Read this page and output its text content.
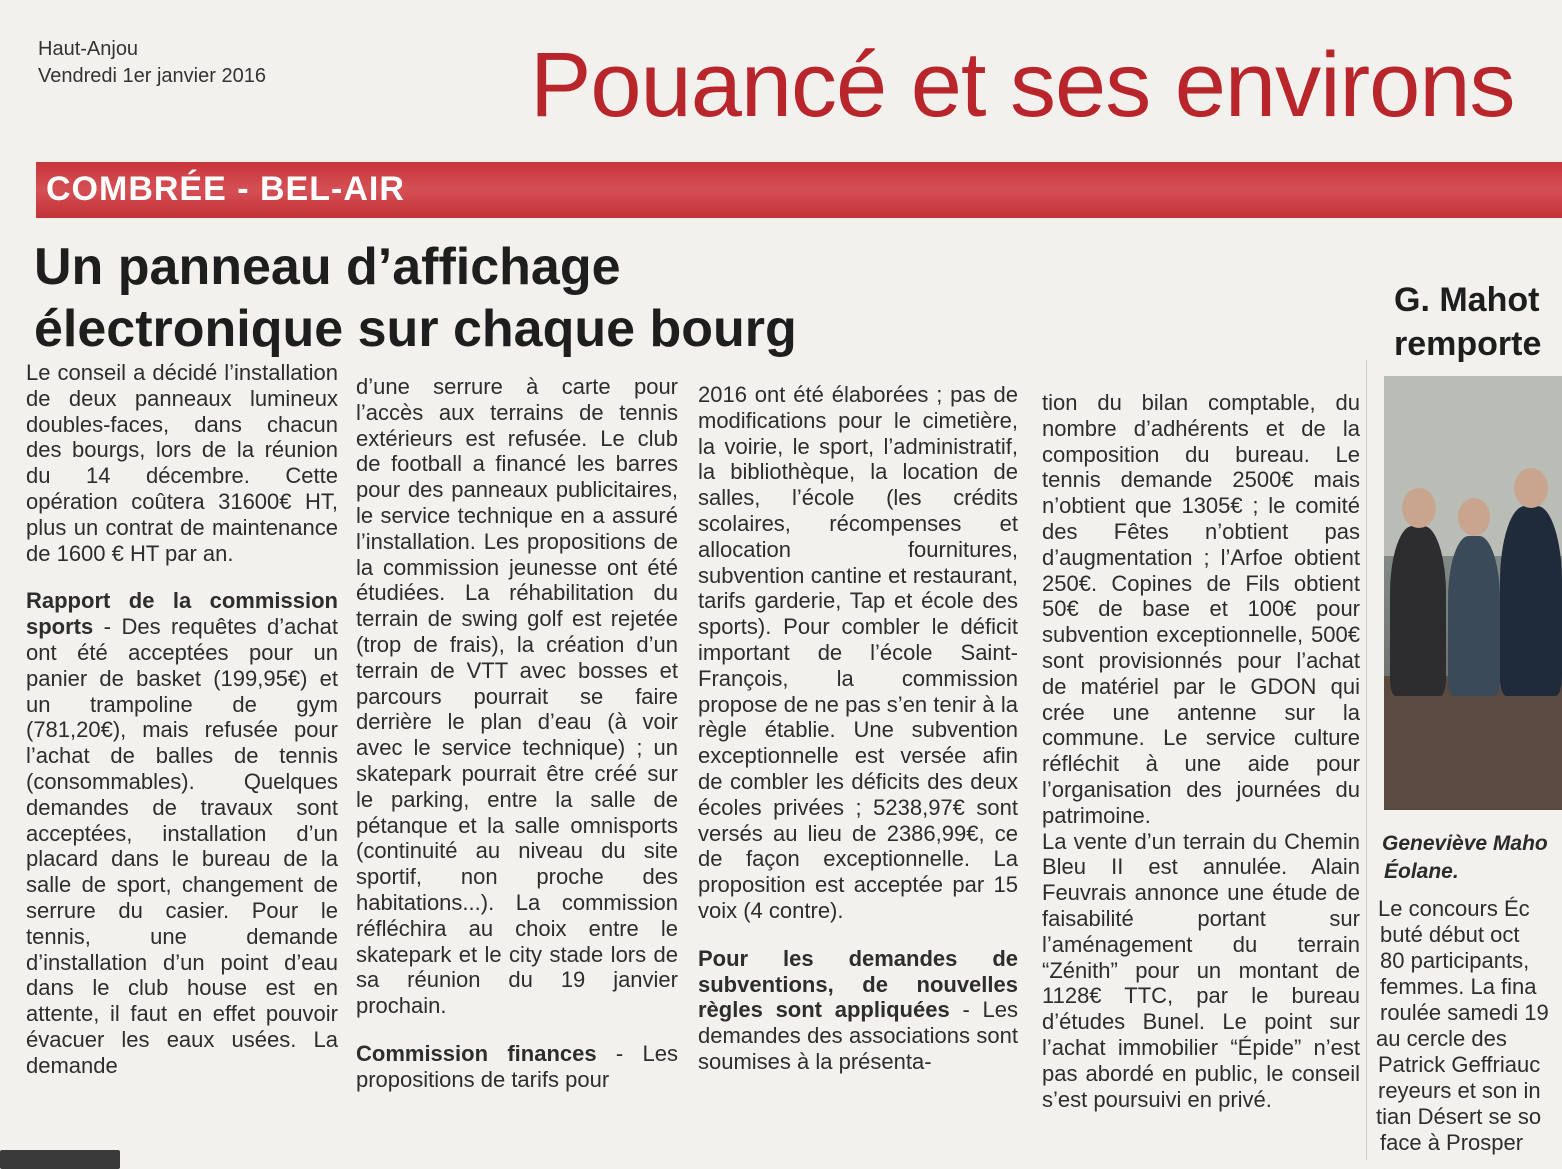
Haut-Anjou
Vendredi 1er janvier 2016	Pouancé et ses environs
COMBRÉE - BEL-AIR
Un panneau d’affichage
électronique sur chaque bourg

Le conseil a décidé l’installation de deux panneaux lumineux doubles-faces, dans chacun des bourgs, lors de la réunion du 14 décembre. Cette opération coûtera 31600€ HT, plus un contrat de maintenance de 1600 € HT par an.

Rapport de la commission sports - Des requêtes d’achat ont été acceptées pour un panier de basket (199,95€) et un trampoline de gym (781,20€), mais refusée pour l’achat de balles de tennis (consommables). Quelques demandes de travaux sont acceptées, installation d’un placard dans le bureau de la salle de sport, changement de serrure du casier. Pour le tennis, une demande d’installation d’un point d’eau dans le club house est en attente, il faut en effet pouvoir évacuer les eaux usées. La demande

d’une serrure à carte pour l’accès aux terrains de tennis extérieurs est refusée. Le club de football a financé les barres pour des panneaux publicitaires, le service technique en a assuré l’installation. Les propositions de la commission jeunesse ont été étudiées. La réhabilitation du terrain de swing golf est rejetée (trop de frais), la création d’un terrain de VTT avec bosses et parcours pourrait se faire derrière le plan d’eau (à voir avec le service technique) ; un skatepark pourrait être créé sur le parking, entre la salle de pétanque et la salle omnisports (continuité au niveau du site sportif, non proche des habitations...). La commission réfléchira au choix entre le skatepark et le city stade lors de sa réunion du 19 janvier prochain.

Commission finances - Les propositions de tarifs pour

2016 ont été élaborées ; pas de modifications pour le cimetière, la voirie, le sport, l’administratif, la bibliothèque, la location de salles, l’école (les crédits scolaires, récompenses et allocation fournitures, subvention cantine et restaurant, tarifs garderie, Tap et école des sports). Pour combler le déficit important de l’école Saint-François, la commission propose de ne pas s’en tenir à la règle établie. Une subvention exceptionnelle est versée afin de combler les déficits des deux écoles privées ; 5238,97€ sont versés au lieu de 2386,99€, ce de façon exceptionnelle. La proposition est acceptée par 15 voix (4 contre).

Pour les demandes de subventions, de nouvelles règles sont appliquées - Les demandes des associations sont soumises à la présenta-

tion du bilan comptable, du nombre d’adhérents et de la composition du bureau. Le tennis demande 2500€ mais n’obtient que 1305€ ; le comité des Fêtes n’obtient pas d’augmentation ; l’Arfoe obtient 250€. Copines de Fils obtient 50€ de base et 100€ pour subvention exceptionnelle, 500€ sont provisionnés pour l’achat de matériel par le GDON qui crée une antenne sur la commune. Le service culture réfléchit à une aide pour l’organisation des journées du patrimoine.

La vente d’un terrain du Chemin Bleu II est annulée. Alain Feuvrais annonce une étude de faisabilité portant sur l’aménagement du terrain “Zénith” pour un montant de 1128€ TTC, par le bureau d’études Bunel. Le point sur l’achat immobilier “Épide” n’est pas abordé en public, le conseil s’est poursuivi en privé.

G. Mahot
remporte
Geneviève Maho
Éolane.
Le concours Éc
buté début oct
80 participants,
femmes. La fina
roulée samedi 19
au cercle des
Patrick Geffriauc
reyeurs et son in
tian Désert se so
face à Prosper
